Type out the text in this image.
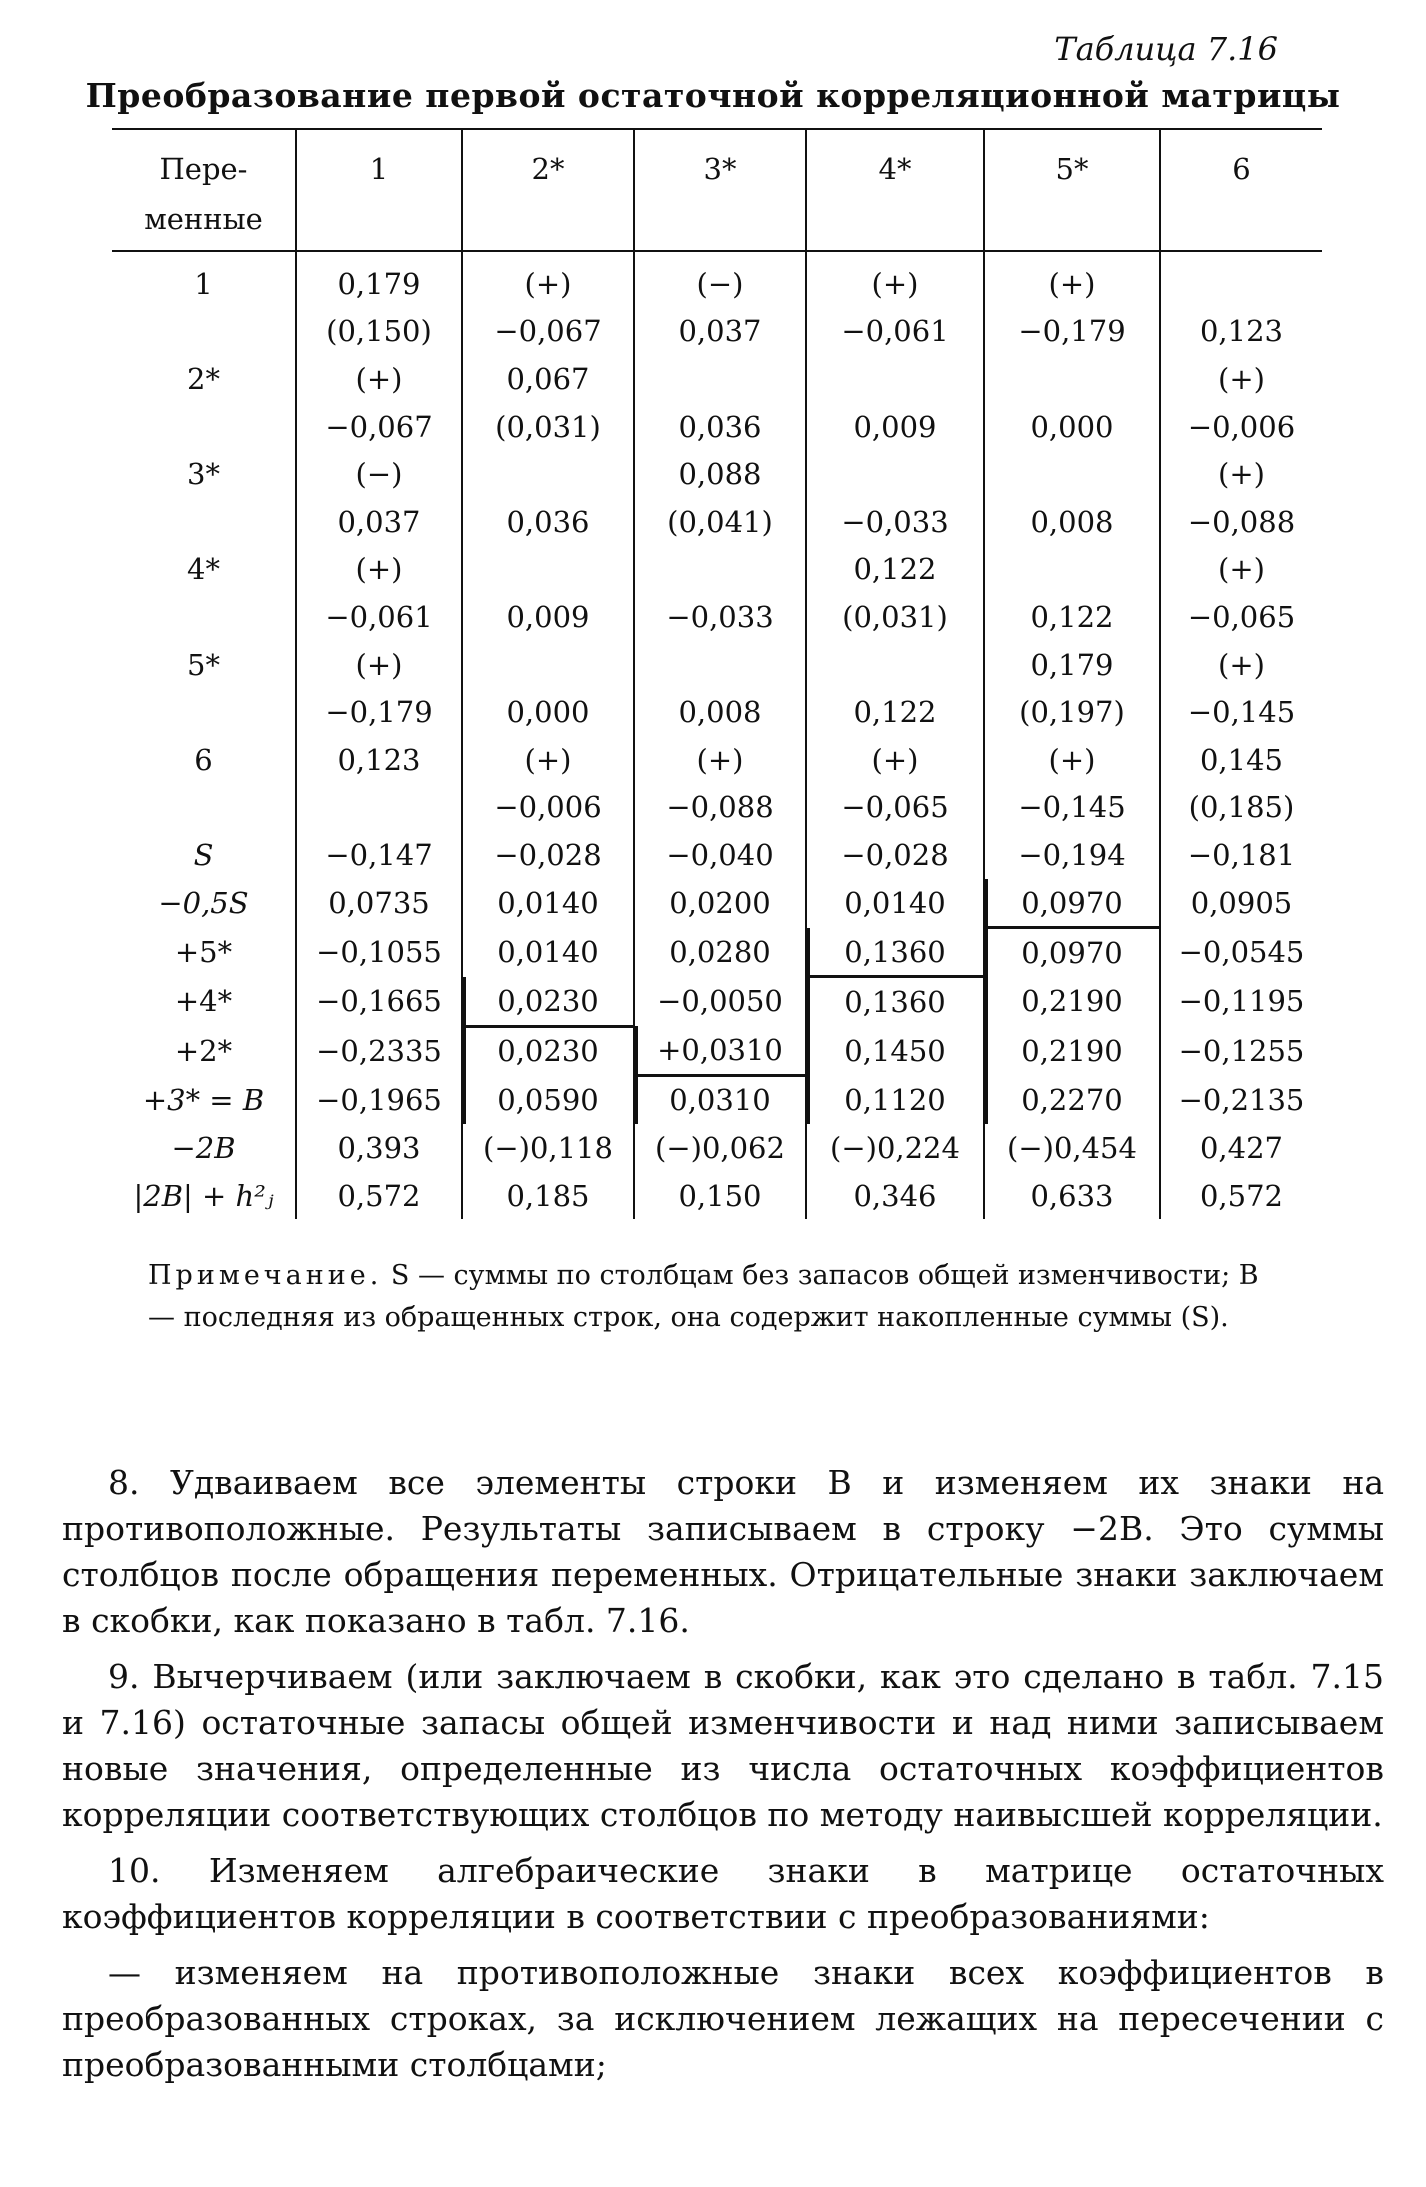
Таблица 7.16
Преобразование первой остаточной корреляционной матрицы
Пере-
менные	1	2*	3*	4*	5*	6
1	0,179	(+)	(−)	(+)	(+)	
	(0,150)	−0,067	0,037	−0,061	−0,179	0,123
2*	(+)	0,067				(+)
	−0,067	(0,031)	0,036	0,009	0,000	−0,006
3*	(−)		0,088			(+)
	0,037	0,036	(0,041)	−0,033	0,008	−0,088
4*	(+)			0,122		(+)
	−0,061	0,009	−0,033	(0,031)	0,122	−0,065
5*	(+)				0,179	(+)
	−0,179	0,000	0,008	0,122	(0,197)	−0,145
6	0,123	(+)	(+)	(+)	(+)	0,145
		−0,006	−0,088	−0,065	−0,145	(0,185)
S	−0,147	−0,028	−0,040	−0,028	−0,194	−0,181
−0,5S	0,0735	0,0140	0,0200	0,0140	0,0970	0,0905
+5*	−0,1055	0,0140	0,0280	0,1360	0,0970	−0,0545
+4*	−0,1665	0,0230	−0,0050	0,1360	0,2190	−0,1195
+2*	−0,2335	0,0230	+0,0310	0,1450	0,2190	−0,1255
+3* = B	−0,1965	0,0590	0,0310	0,1120	0,2270	−0,2135
−2B	0,393	(−)0,118	(−)0,062	(−)0,224	(−)0,454	0,427
|2B| + h²ⱼ	0,572	0,185	0,150	0,346	0,633	0,572
Примечание. S — суммы по столбцам без запасов общей изменчивости; B — последняя из обращенных строк, она содержит накопленные суммы (S).

8. Удваиваем все элементы строки B и изменяем их знаки на противоположные. Результаты записываем в строку −2B. Это суммы столбцов после обращения переменных. Отрицательные знаки заключаем в скобки, как показано в табл. 7.16.

9. Вычерчиваем (или заключаем в скобки, как это сделано в табл. 7.15 и 7.16) остаточные запасы общей изменчивости и над ними записываем новые значения, определенные из числа остаточных коэффициентов корреляции соответствующих столбцов по методу наивысшей корреляции.

10. Изменяем алгебраические знаки в матрице остаточных коэффициентов корреляции в соответствии с преобразованиями:

— изменяем на противоположные знаки всех коэффициентов в преобразованных строках, за исключением лежащих на пересечении с преобразованными столбцами;
